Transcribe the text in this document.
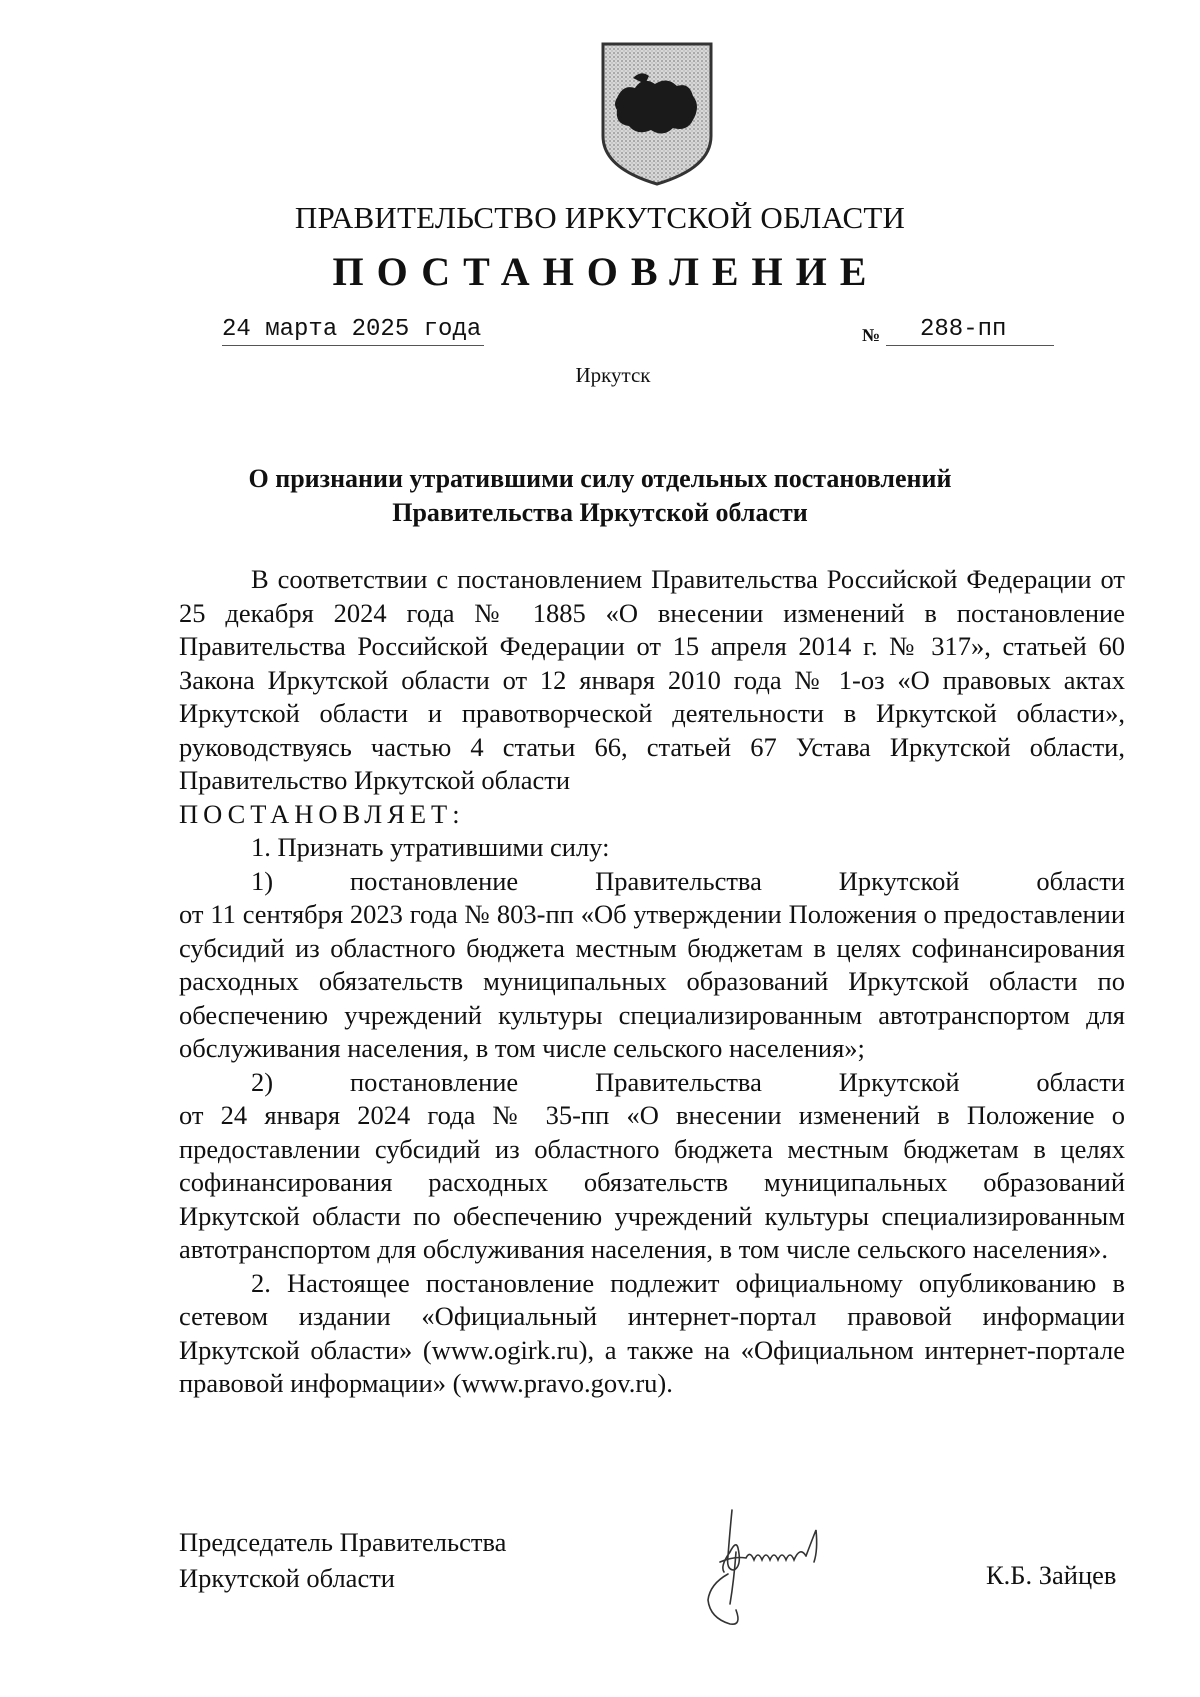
ПРАВИТЕЛЬСТВО ИРКУТСКОЙ ОБЛАСТИ
ПОСТАНОВЛЕНИЕ
24 марта 2025 года	№	288-пп
Иркутск
О признании утратившими силу отдельных постановлений
Правительства Иркутской области

В соответствии с постановлением Правительства Российской Федерации от 25 декабря 2024 года № 1885 «О внесении изменений в постановление Правительства Российской Федерации от 15 апреля 2014 г. № 317», статьей 60 Закона Иркутской области от 12 января 2010 года № 1-оз «О правовых актах Иркутской области и правотворческой деятельности в Иркутской области», руководствуясь частью 4 статьи 66, статьей 67 Устава Иркутской области, Правительство Иркутской области

ПОСТАНОВЛЯЕТ:

1. Признать утратившими силу:

1)	постановление	Правительства	Иркутской	области

от 11 сентября 2023 года № 803-пп «Об утверждении Положения о предоставлении субсидий из областного бюджета местным бюджетам в целях софинансирования расходных обязательств муниципальных образований Иркутской области по обеспечению учреждений культуры специализированным автотранспортом для обслуживания населения, в том числе сельского населения»;

2)	постановление	Правительства	Иркутской	области

от 24 января 2024 года № 35-пп «О внесении изменений в Положение о предоставлении субсидий из областного бюджета местным бюджетам в целях софинансирования расходных обязательств муниципальных образований Иркутской области по обеспечению учреждений культуры специализированным автотранспортом для обслуживания населения, в том числе сельского населения».

2. Настоящее постановление подлежит официальному опубликованию в сетевом издании «Официальный интернет-портал правовой информации Иркутской области» (www.ogirk.ru), а также на «Официальном интернет-портале правовой информации» (www.pravo.gov.ru).

Председатель Правительства
Иркутской области	К.Б. Зайцев
